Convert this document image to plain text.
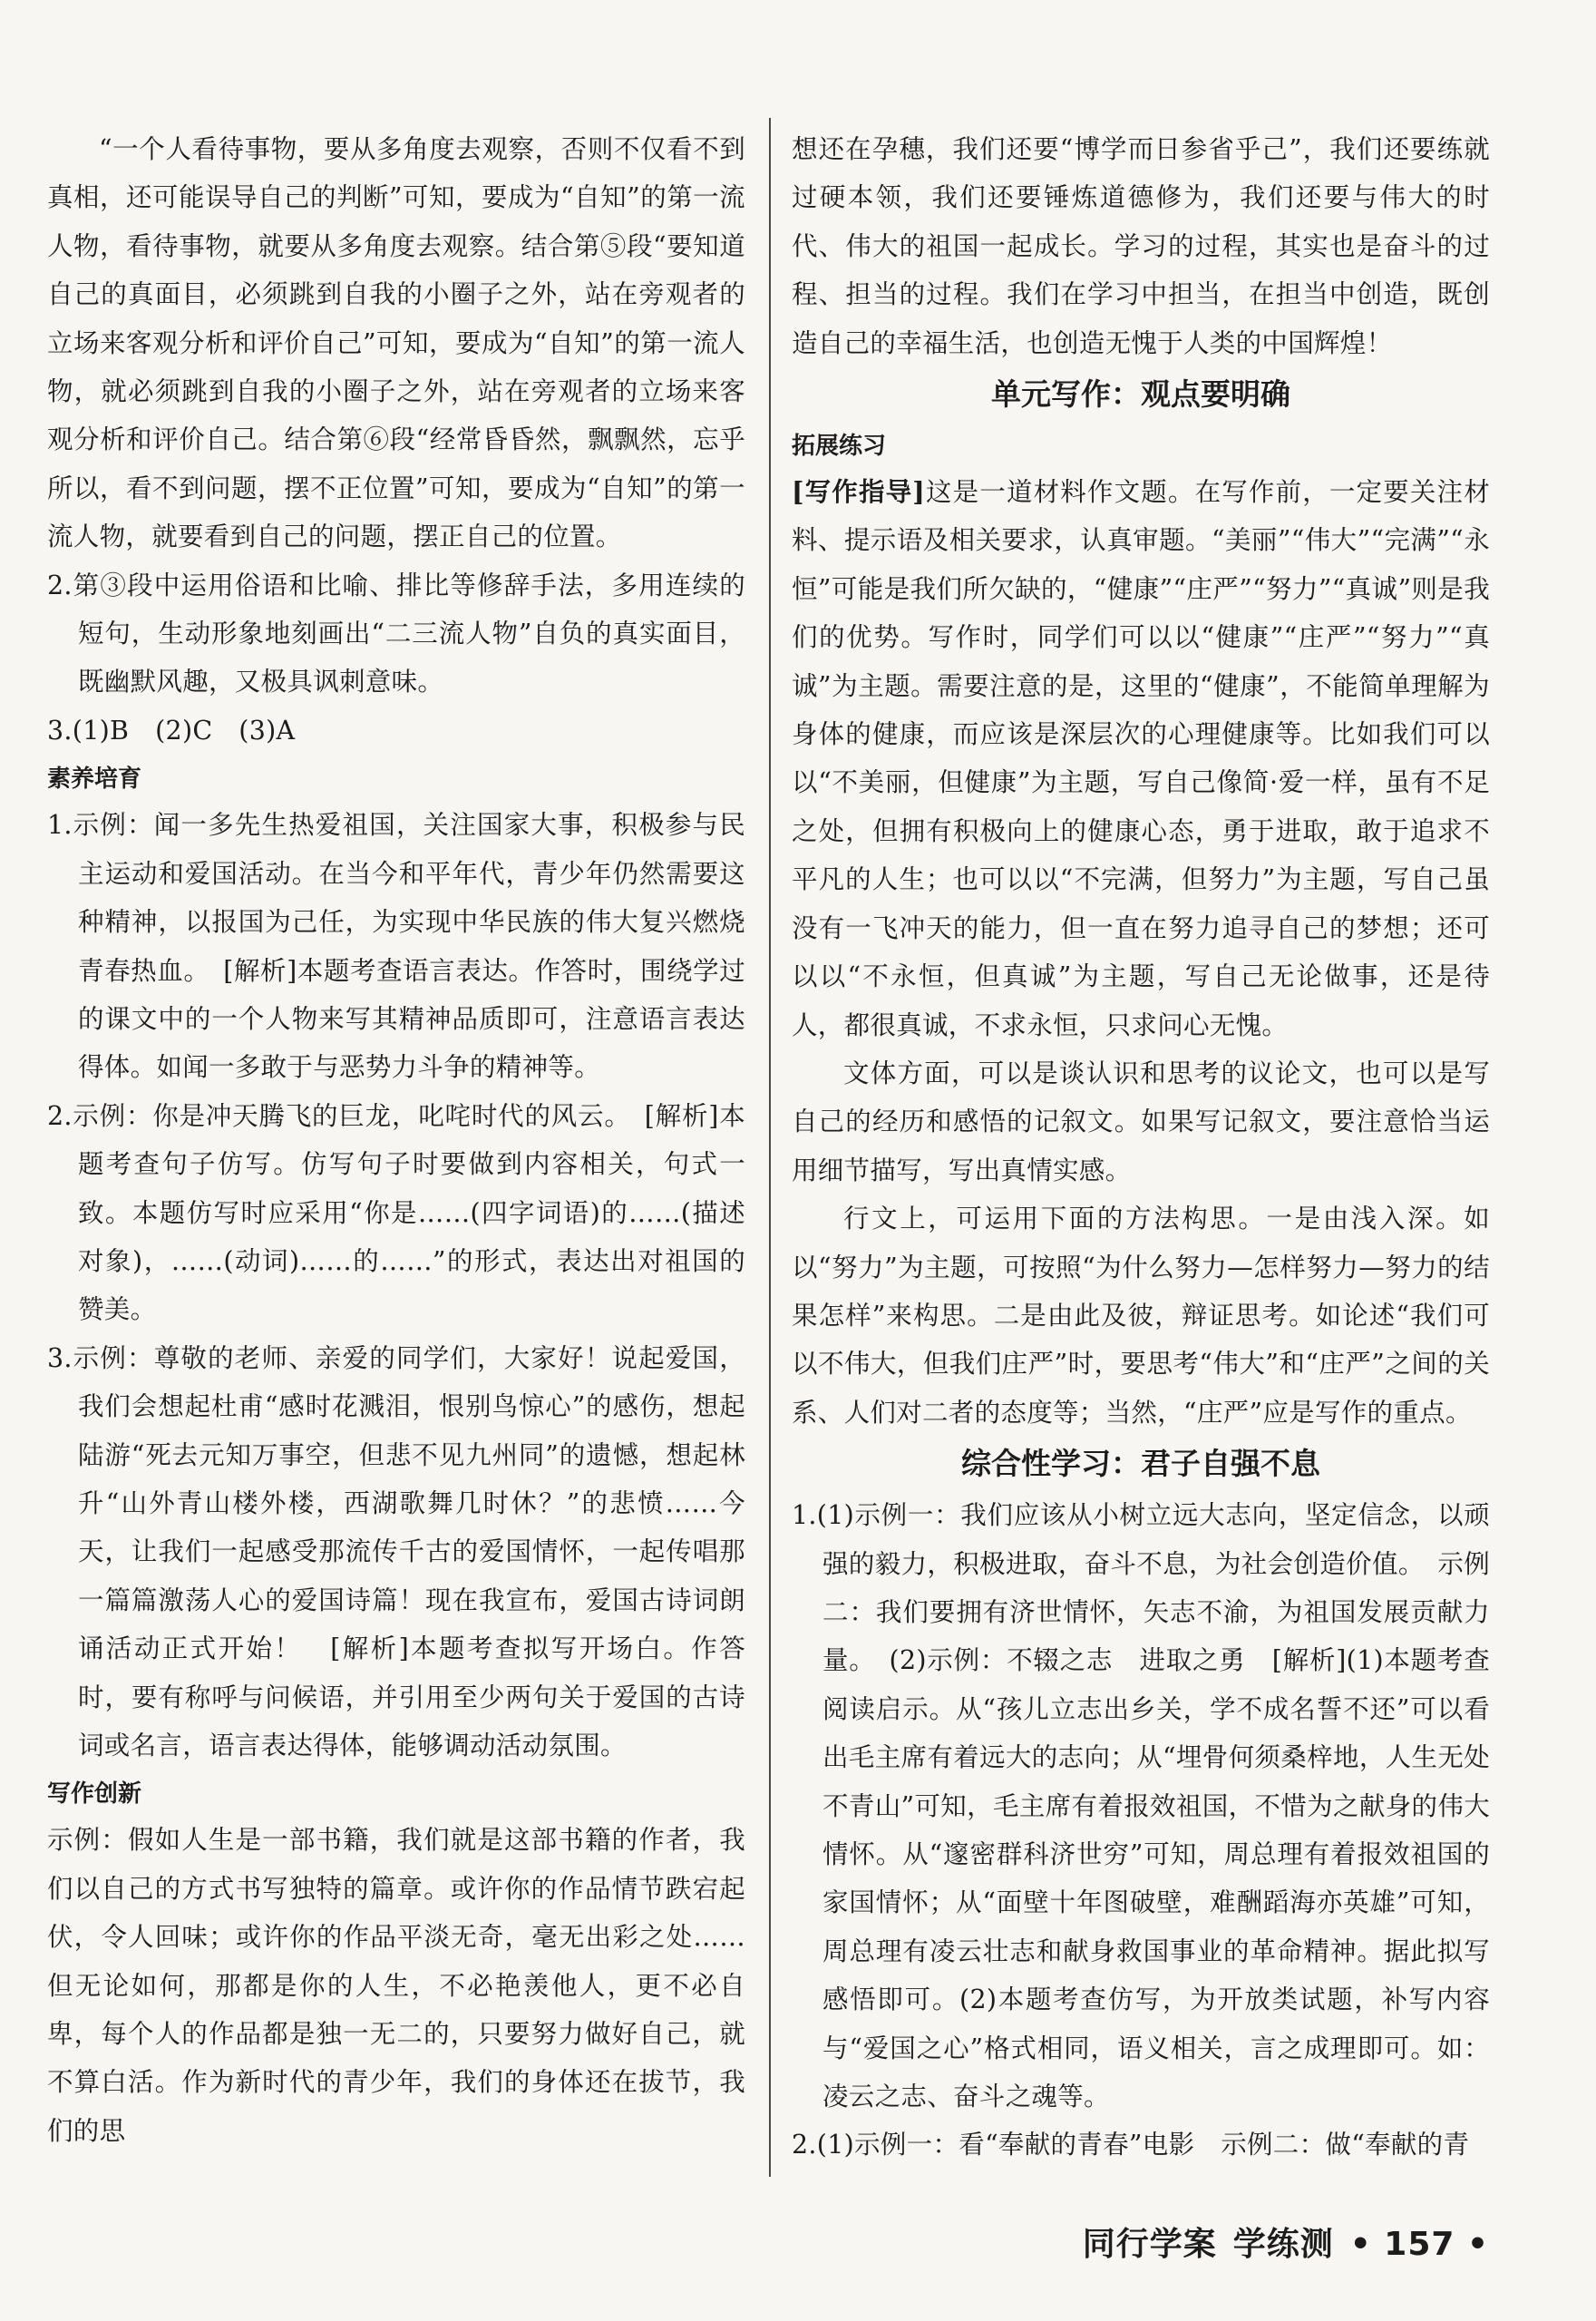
“一个人看待事物，要从多角度去观察，否则不仅看不到真相，还可能误导自己的判断”可知，要成为“自知”的第一流人物，看待事物，就要从多角度去观察。结合第⑤段“要知道自己的真面目，必须跳到自我的小圈子之外，站在旁观者的立场来客观分析和评价自己”可知，要成为“自知”的第一流人物，就必须跳到自我的小圈子之外，站在旁观者的立场来客观分析和评价自己。结合第⑥段“经常昏昏然，飘飘然，忘乎所以，看不到问题，摆不正位置”可知，要成为“自知”的第一流人物，就要看到自己的问题，摆正自己的位置。

2.第③段中运用俗语和比喻、排比等修辞手法，多用连续的短句，生动形象地刻画出“二三流人物”自负的真实面目，既幽默风趣，又极具讽刺意味。

3.(1)B　(2)C　(3)A

素养培育

1.示例：闻一多先生热爱祖国，关注国家大事，积极参与民主运动和爱国活动。在当今和平年代，青少年仍然需要这种精神，以报国为己任，为实现中华民族的伟大复兴燃烧青春热血。　[解析]本题考查语言表达。作答时，围绕学过的课文中的一个人物来写其精神品质即可，注意语言表达得体。如闻一多敢于与恶势力斗争的精神等。

2.示例：你是冲天腾飞的巨龙，叱咤时代的风云。　[解析]本题考查句子仿写。仿写句子时要做到内容相关，句式一致。本题仿写时应采用“你是……(四字词语)的……(描述对象)，……(动词)……的……”的形式，表达出对祖国的赞美。

3.示例：尊敬的老师、亲爱的同学们，大家好！说起爱国，我们会想起杜甫“感时花溅泪，恨别鸟惊心”的感伤，想起陆游“死去元知万事空，但悲不见九州同”的遗憾，想起林升“山外青山楼外楼，西湖歌舞几时休？”的悲愤……今天，让我们一起感受那流传千古的爱国情怀，一起传唱那一篇篇激荡人心的爱国诗篇！现在我宣布，爱国古诗词朗诵活动正式开始！　[解析]本题考查拟写开场白。作答时，要有称呼与问候语，并引用至少两句关于爱国的古诗词或名言，语言表达得体，能够调动活动氛围。

写作创新

示例：假如人生是一部书籍，我们就是这部书籍的作者，我们以自己的方式书写独特的篇章。或许你的作品情节跌宕起伏，令人回味；或许你的作品平淡无奇，毫无出彩之处……但无论如何，那都是你的人生，不必艳羡他人，更不必自卑，每个人的作品都是独一无二的，只要努力做好自己，就不算白活。作为新时代的青少年，我们的身体还在拔节，我们的思

想还在孕穗，我们还要“博学而日参省乎己”，我们还要练就过硬本领，我们还要锤炼道德修为，我们还要与伟大的时代、伟大的祖国一起成长。学习的过程，其实也是奋斗的过程、担当的过程。我们在学习中担当，在担当中创造，既创造自己的幸福生活，也创造无愧于人类的中国辉煌！

单元写作：观点要明确

拓展练习

[写作指导]这是一道材料作文题。在写作前，一定要关注材料、提示语及相关要求，认真审题。“美丽”“伟大”“完满”“永恒”可能是我们所欠缺的，“健康”“庄严”“努力”“真诚”则是我们的优势。写作时，同学们可以以“健康”“庄严”“努力”“真诚”为主题。需要注意的是，这里的“健康”，不能简单理解为身体的健康，而应该是深层次的心理健康等。比如我们可以以“不美丽，但健康”为主题，写自己像简·爱一样，虽有不足之处，但拥有积极向上的健康心态，勇于进取，敢于追求不平凡的人生；也可以以“不完满，但努力”为主题，写自己虽没有一飞冲天的能力，但一直在努力追寻自己的梦想；还可以以“不永恒，但真诚”为主题，写自己无论做事，还是待人，都很真诚，不求永恒，只求问心无愧。

文体方面，可以是谈认识和思考的议论文，也可以是写自己的经历和感悟的记叙文。如果写记叙文，要注意恰当运用细节描写，写出真情实感。

行文上，可运用下面的方法构思。一是由浅入深。如以“努力”为主题，可按照“为什么努力—怎样努力—努力的结果怎样”来构思。二是由此及彼，辩证思考。如论述“我们可以不伟大，但我们庄严”时，要思考“伟大”和“庄严”之间的关系、人们对二者的态度等；当然，“庄严”应是写作的重点。

综合性学习：君子自强不息

1.(1)示例一：我们应该从小树立远大志向，坚定信念，以顽强的毅力，积极进取，奋斗不息，为社会创造价值。　示例二：我们要拥有济世情怀，矢志不渝，为祖国发展贡献力量。　(2)示例：不辍之志　进取之勇　[解析](1)本题考查阅读启示。从“孩儿立志出乡关，学不成名誓不还”可以看出毛主席有着远大的志向；从“埋骨何须桑梓地，人生无处不青山”可知，毛主席有着报效祖国，不惜为之献身的伟大情怀。从“邃密群科济世穷”可知，周总理有着报效祖国的家国情怀；从“面壁十年图破壁，难酬蹈海亦英雄”可知，周总理有凌云壮志和献身救国事业的革命精神。据此拟写感悟即可。(2)本题考查仿写，为开放类试题，补写内容与“爱国之心”格式相同，语义相关，言之成理即可。如：凌云之志、奋斗之魂等。

2.(1)示例一：看“奉献的青春”电影　示例二：做“奉献的青

同行学案 学练测 • 157 •
